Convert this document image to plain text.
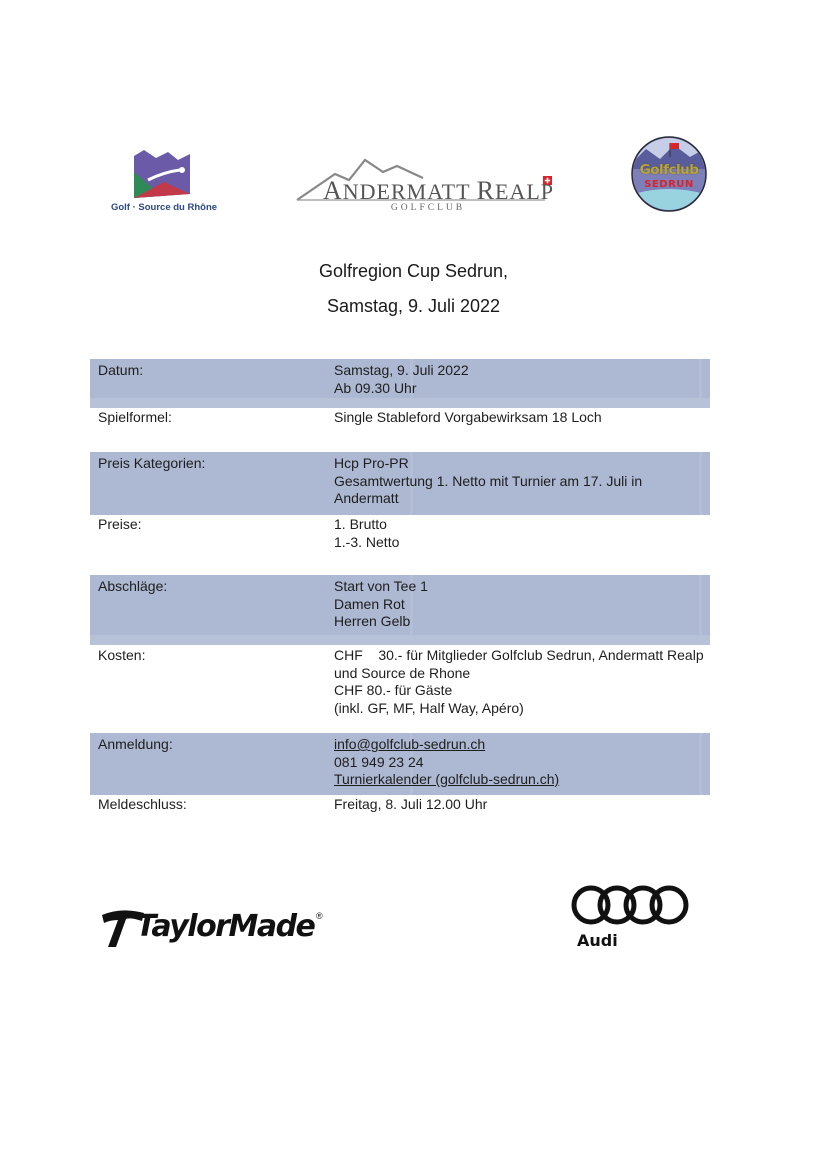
Golf · Source du Rhône
ANDERMATT REALP
GOLFCLUB
Golfclub
SEDRUN
Golfregion Cup Sedrun,
Samstag, 9. Juli 2022
Datum:	Samstag, 9. Juli 2022
Ab 09.30 Uhr
Spielformel:	Single Stableford Vorgabewirksam 18 Loch
Preis Kategorien:	Hcp Pro-PR
Gesamtwertung 1. Netto mit Turnier am 17. Juli in Andermatt
Preise:	1. Brutto
1.-3. Netto
Abschläge:	Start von Tee 1
Damen Rot
Herren Gelb
Kosten:	CHF    30.- für Mitglieder Golfclub Sedrun, Andermatt Realp und Source de Rhone
CHF 80.- für Gäste
(inkl. GF, MF, Half Way, Apéro)
Anmeldung:	info@golfclub-sedrun.ch
081 949 23 24
Turnierkalender (golfclub-sedrun.ch)
Meldeschluss:	Freitag, 8. Juli 12.00 Uhr
TaylorMade ®
Audi
